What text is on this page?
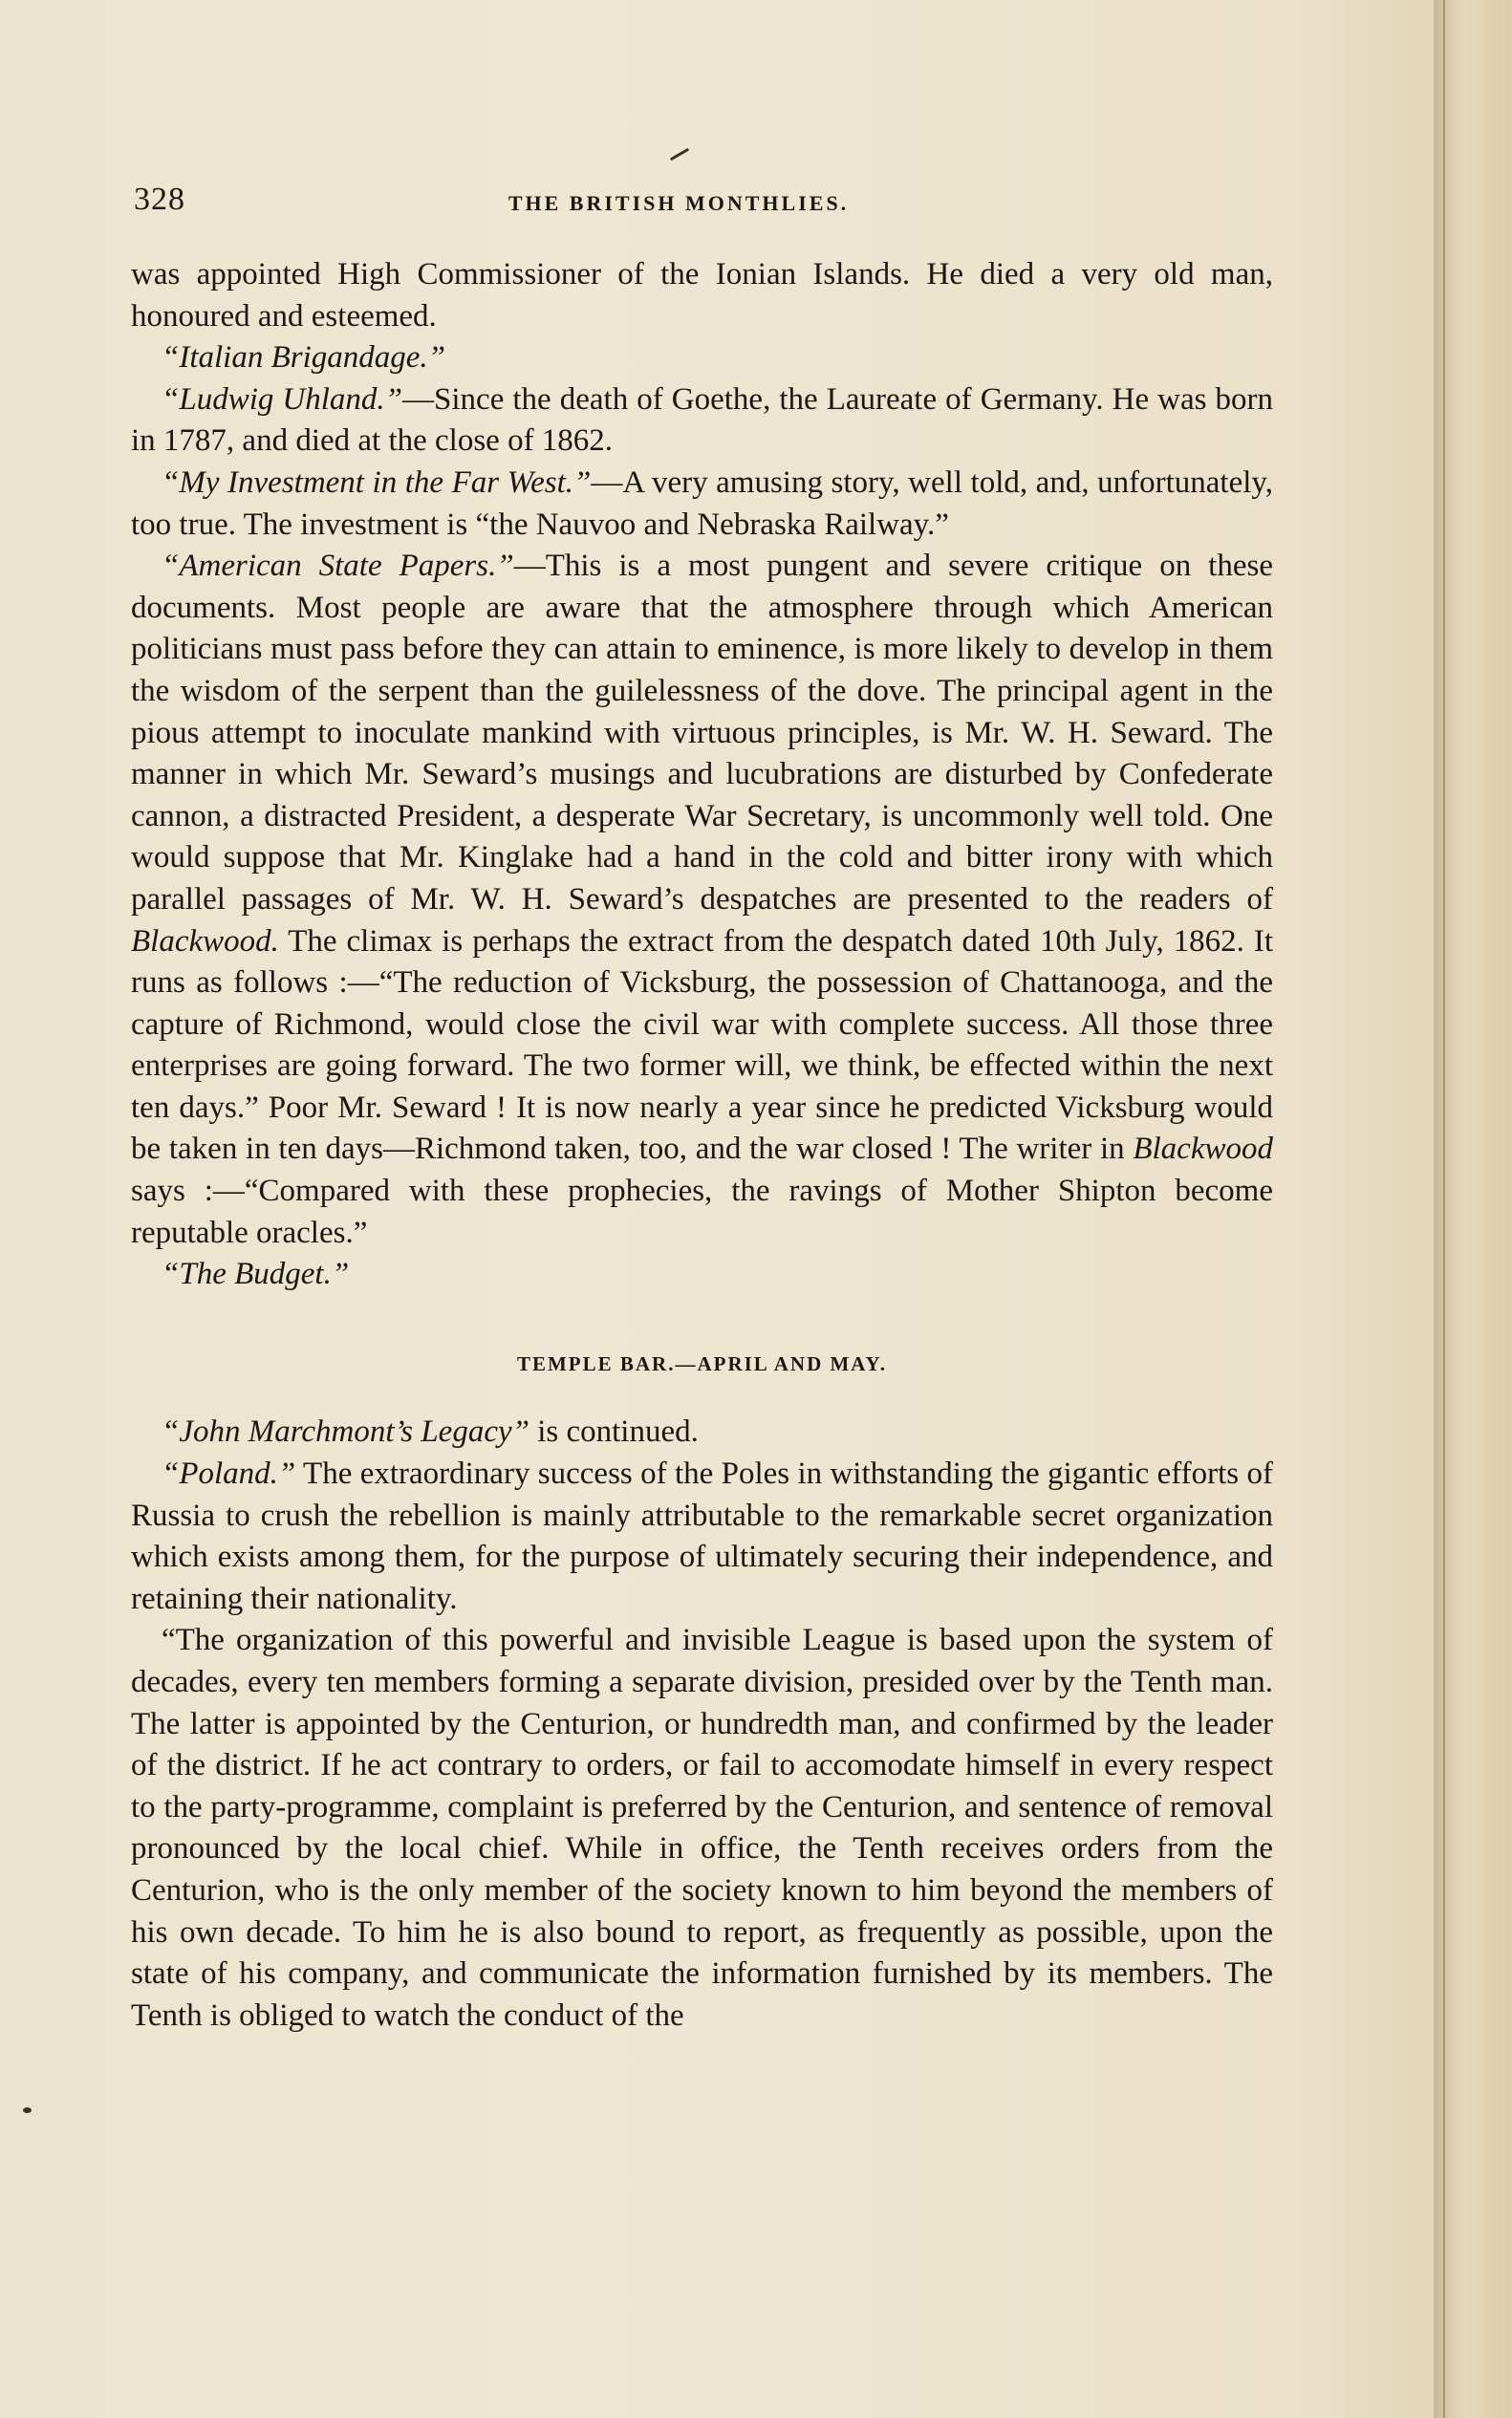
328	THE BRITISH MONTHLIES.

was appointed High Commissioner of the Ionian Islands. He died a very old man, honoured and esteemed.

“Italian Brigandage.”

“Ludwig Uhland.”—Since the death of Goethe, the Laureate of Germany. He was born in 1787, and died at the close of 1862.

“My Investment in the Far West.”—A very amusing story, well told, and, unfortunately, too true. The investment is “the Nauvoo and Nebraska Railway.”

“American State Papers.”—This is a most pungent and severe critique on these documents. Most people are aware that the atmosphere through which American politicians must pass before they can attain to eminence, is more likely to develop in them the wisdom of the serpent than the guilelessness of the dove. The principal agent in the pious attempt to inoculate mankind with virtuous principles, is Mr. W. H. Seward. The manner in which Mr. Seward’s musings and lucubrations are disturbed by Confederate cannon, a distracted President, a desperate War Secretary, is uncommonly well told. One would suppose that Mr. Kinglake had a hand in the cold and bitter irony with which parallel passages of Mr. W. H. Seward’s despatches are presented to the readers of Blackwood. The climax is perhaps the extract from the despatch dated 10th July, 1862. It runs as follows :—“The reduction of Vicksburg, the possession of Chattanooga, and the capture of Richmond, would close the civil war with complete success. All those three enterprises are going forward. The two former will, we think, be effected within the next ten days.” Poor Mr. Seward ! It is now nearly a year since he predicted Vicksburg would be taken in ten days—Richmond taken, too, and the war closed ! The writer in Blackwood says :—“Compared with these prophecies, the ravings of Mother Shipton become reputable oracles.”

“The Budget.”

TEMPLE BAR.—APRIL AND MAY.

“John Marchmont’s Legacy” is continued.

“Poland.” The extraordinary success of the Poles in withstanding the gigantic efforts of Russia to crush the rebellion is mainly attributable to the remarkable secret organization which exists among them, for the purpose of ultimately securing their independence, and retaining their nationality.

“The organization of this powerful and invisible League is based upon the system of decades, every ten members forming a separate division, presided over by the Tenth man. The latter is appointed by the Centurion, or hundredth man, and confirmed by the leader of the district. If he act contrary to orders, or fail to accomodate himself in every respect to the party-programme, complaint is preferred by the Centurion, and sentence of removal pronounced by the local chief. While in office, the Tenth receives orders from the Centurion, who is the only member of the society known to him beyond the members of his own decade. To him he is also bound to report, as frequently as possible, upon the state of his company, and communicate the information furnished by its members. The Tenth is obliged to watch the conduct of the
